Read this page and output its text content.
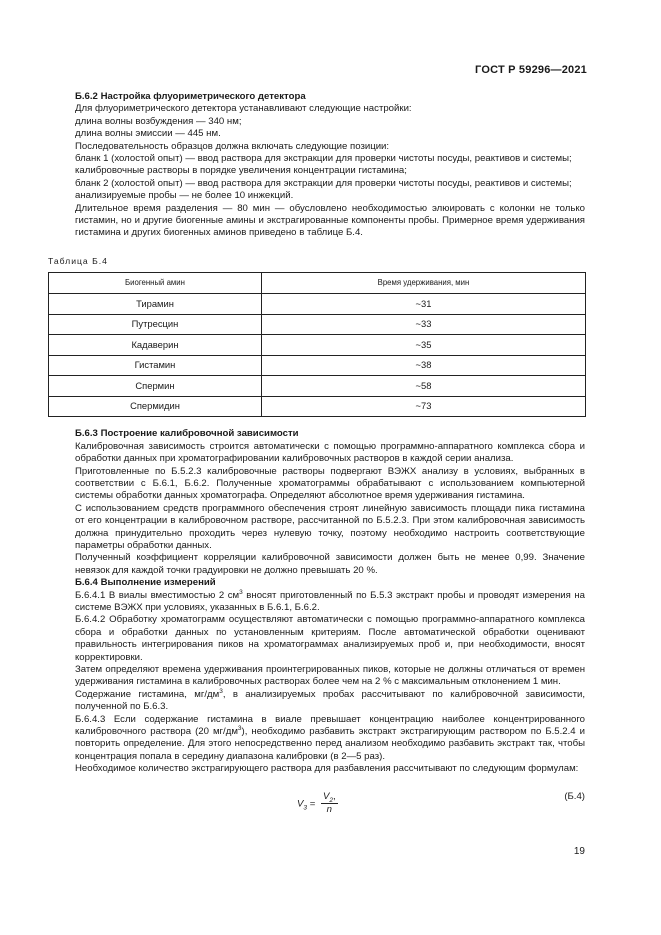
ГОСТ Р 59296—2021

Б.6.2 Настройка флуориметрического детектора

Для флуориметрического детектора устанавливают следующие настройки:

длина волны возбуждения — 340 нм;

длина волны эмиссии — 445 нм.

Последовательность образцов должна включать следующие позиции:

бланк 1 (холостой опыт) — ввод раствора для экстракции для проверки чистоты посуды, реактивов и системы;

калибровочные растворы в порядке увеличения концентрации гистамина;

бланк 2 (холостой опыт) — ввод раствора для экстракции для проверки чистоты посуды, реактивов и системы;

анализируемые пробы — не более 10 инжекций.

Длительное время разделения — 80 мин — обусловлено необходимостью элюировать с колонки не только гистамин, но и другие биогенные амины и экстрагированные компоненты пробы. Примерное время удерживания гистамина и других биогенных аминов приведено в таблице Б.4.

Таблица Б.4
Биогенный амин	Время удерживания, мин
Тирамин	~31
Путресцин	~33
Кадаверин	~35
Гистамин	~38
Спермин	~58
Спермидин	~73

Б.6.3 Построение калибровочной зависимости

Калибровочная зависимость строится автоматически с помощью программно-аппаратного комплекса сбора и обработки данных при хроматографировании калибровочных растворов в каждой серии анализа.

Приготовленные по Б.5.2.3 калибровочные растворы подвергают ВЭЖХ анализу в условиях, выбранных в соответствии с Б.6.1, Б.6.2. Полученные хроматограммы обрабатывают с использованием компьютерной системы обработки данных хроматографа. Определяют абсолютное время удерживания гистамина.

С использованием средств программного обеспечения строят линейную зависимость площади пика гистамина от его концентрации в калибровочном растворе, рассчитанной по Б.5.2.3. При этом калибровочная зависимость должна принудительно проходить через нулевую точку, поэтому необходимо настроить соответствующие параметры обработки данных.

Полученный коэффициент корреляции калибровочной зависимости должен быть не менее 0,99. Значение невязок для каждой точки градуировки не должно превышать 20 %.

Б.6.4 Выполнение измерений

Б.6.4.1 В виалы вместимостью 2 $см^3$ вносят приготовленный по Б.5.3 экстракт пробы и проводят измерения на системе ВЭЖХ при условиях, указанных в Б.6.1, Б.6.2.

Б.6.4.2 Обработку хроматограмм осуществляют автоматически с помощью программно-аппаратного комплекса сбора и обработки данных по установленным критериям. После автоматической обработки оценивают правильность интегрирования пиков на хроматограммах анализируемых проб и, при необходимости, вносят корректировки.

Затем определяют времена удерживания проинтегрированных пиков, которые не должны отличаться от времен удерживания гистамина в калибровочных растворах более чем на 2 % с максимальным отклонением 1 мин.

Содержание гистамина, $мг/дм^3$, в анализируемых пробах рассчитывают по калибровочной зависимости, полученной по Б.6.3.

Б.6.4.3 Если содержание гистамина в виале превышает концентрацию наиболее концентрированного калибровочного раствора (20 $мг/дм^3$), необходимо разбавить экстракт экстрагирующим раствором по Б.5.2.4 и повторить определение. Для этого непосредственно перед анализом необходимо разбавить экстракт так, чтобы концентрация попала в середину диапазона калибровки (в 2—5 раз).

Необходимое количество экстрагирующего раствора для разбавления рассчитывают по следующим формулам:

$V_3 = \frac{V_2,}{n}$	(Б.4)
19
